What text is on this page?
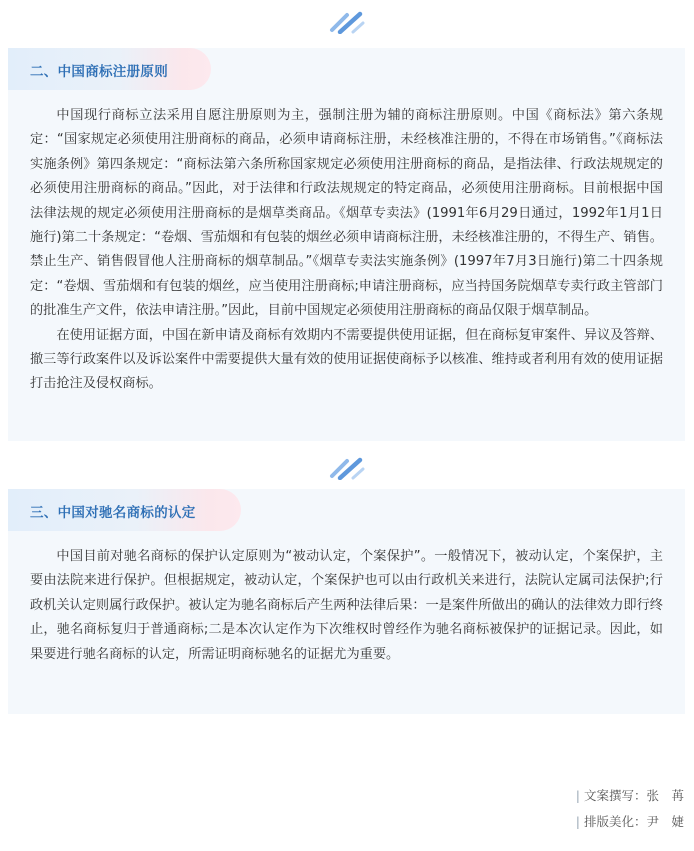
二、中国商标注册原则

中国现行商标立法采用自愿注册原则为主，强制注册为辅的商标注册原则。中国《商标法》第六条规定：“国家规定必须使用注册商标的商品，必须申请商标注册，未经核准注册的，不得在市场销售。”《商标法实施条例》第四条规定：“商标法第六条所称国家规定必须使用注册商标的商品，是指法律、行政法规规定的必须使用注册商标的商品。”因此，对于法律和行政法规规定的特定商品，必须使用注册商标。目前根据中国法律法规的规定必须使用注册商标的是烟草类商品。《烟草专卖法》(1991年6月29日通过，1992年1月1日施行)第二十条规定：“卷烟、雪茄烟和有包装的烟丝必须申请商标注册，未经核准注册的，不得生产、销售。禁止生产、销售假冒他人注册商标的烟草制品。”《烟草专卖法实施条例》(1997年7月3日施行)第二十四条规定：“卷烟、雪茄烟和有包装的烟丝，应当使用注册商标;申请注册商标，应当持国务院烟草专卖行政主管部门的批准生产文件，依法申请注册。”因此，目前中国规定必须使用注册商标的商品仅限于烟草制品。

在使用证据方面，中国在新申请及商标有效期内不需要提供使用证据，但在商标复审案件、异议及答辩、撤三等行政案件以及诉讼案件中需要提供大量有效的使用证据使商标予以核准、维持或者利用有效的使用证据打击抢注及侵权商标。

三、中国对驰名商标的认定

中国目前对驰名商标的保护认定原则为“被动认定，个案保护”。一般情况下，被动认定，个案保护，主要由法院来进行保护。但根据规定，被动认定，个案保护也可以由行政机关来进行，法院认定属司法保护;行政机关认定则属行政保护。被认定为驰名商标后产生两种法律后果：一是案件所做出的确认的法律效力即行终止，驰名商标复归于普通商标;二是本次认定作为下次维权时曾经作为驰名商标被保护的证据记录。因此，如果要进行驰名商标的认定，所需证明商标驰名的证据尤为重要。

| 文案撰写：张　苒
| 排版美化：尹　婕
